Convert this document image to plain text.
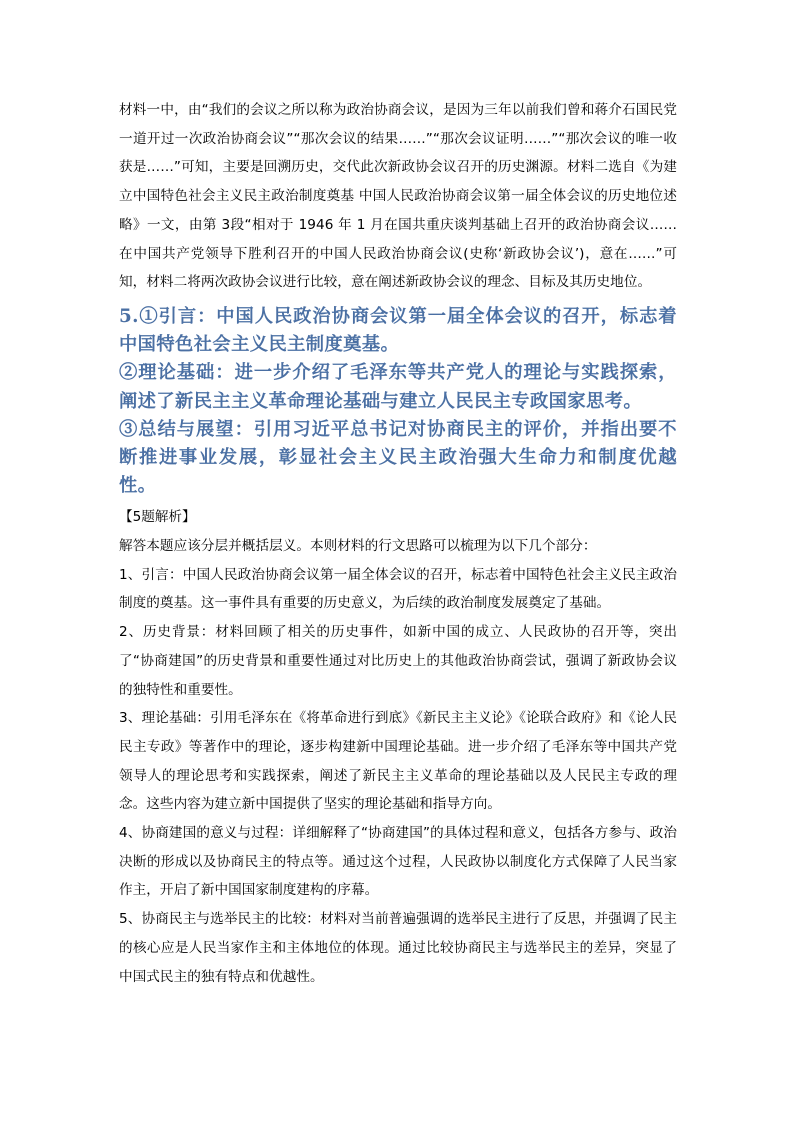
材料一中，由“我们的会议之所以称为政治协商会议，是因为三年以前我们曾和蒋介石国民党一道开过一次政治协商会议”“那次会议的结果……”“那次会议证明……”“那次会议的唯一收获是……”可知，主要是回溯历史，交代此次新政协会议召开的历史渊源。材料二选自《为建立中国特色社会主义民主政治制度奠基 中国人民政治协商会议第一届全体会议的历史地位述略》一文，由第 3段“相对于 1946 年 1 月在国共重庆谈判基础上召开的政治协商会议……在中国共产党领导下胜利召开的中国人民政治协商会议(史称‘新政协会议’)，意在……”可知，材料二将两次政协会议进行比较，意在阐述新政协会议的理念、目标及其历史地位。

5.①引言：中国人民政治协商会议第一届全体会议的召开，标志着中国特色社会主义民主制度奠基。

②理论基础：进一步介绍了毛泽东等共产党人的理论与实践探索，阐述了新民主主义革命理论基础与建立人民民主专政国家思考。

③总结与展望：引用习近平总书记对协商民主的评价，并指出要不断推进事业发展，彰显社会主义民主政治强大生命力和制度优越性。

【5题解析】

解答本题应该分层并概括层义。本则材料的行文思路可以梳理为以下几个部分：

1、引言：中国人民政治协商会议第一届全体会议的召开，标志着中国特色社会主义民主政治制度的奠基。这一事件具有重要的历史意义，为后续的政治制度发展奠定了基础。

2、历史背景：材料回顾了相关的历史事件，如新中国的成立、人民政协的召开等，突出了“协商建国”的历史背景和重要性通过对比历史上的其他政治协商尝试，强调了新政协会议的独特性和重要性。

3、理论基础：引用毛泽东在《将革命进行到底》《新民主主义论》《论联合政府》和《论人民民主专政》等著作中的理论，逐步构建新中国理论基础。进一步介绍了毛泽东等中国共产党领导人的理论思考和实践探索，阐述了新民主主义革命的理论基础以及人民民主专政的理念。这些内容为建立新中国提供了坚实的理论基础和指导方向。

4、协商建国的意义与过程：详细解释了“协商建国”的具体过程和意义，包括各方参与、政治决断的形成以及协商民主的特点等。通过这个过程，人民政协以制度化方式保障了人民当家作主，开启了新中国国家制度建构的序幕。

5、协商民主与选举民主的比较：材料对当前普遍强调的选举民主进行了反思，并强调了民主的核心应是人民当家作主和主体地位的体现。通过比较协商民主与选举民主的差异，突显了中国式民主的独有特点和优越性。
